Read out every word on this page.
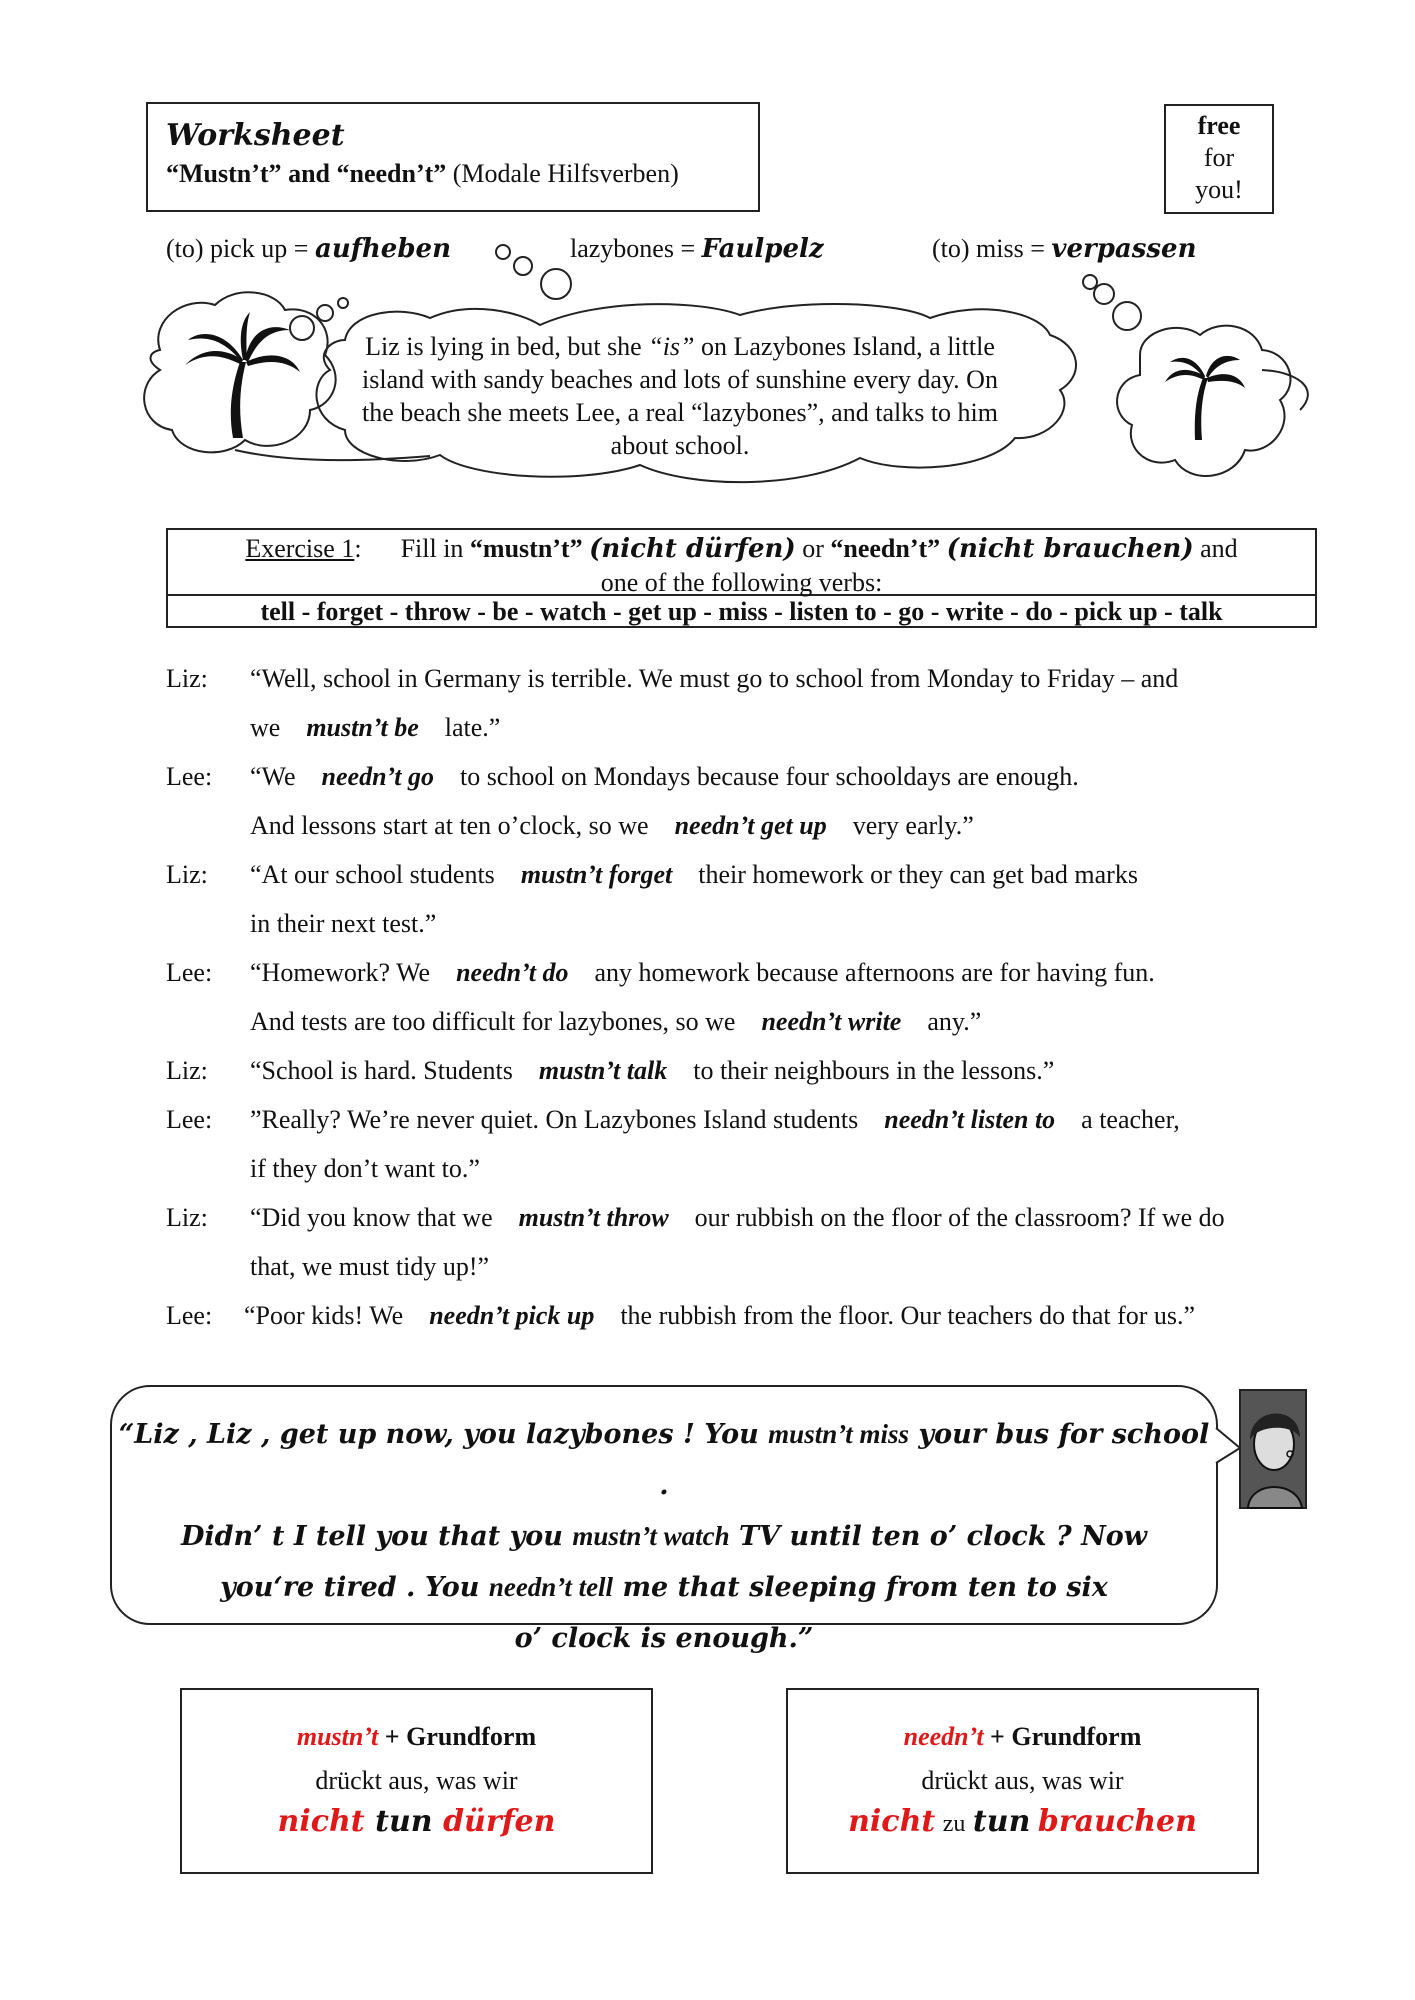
Worksheet
“Mustn’t” and “needn’t” (Modale Hilfsverben)
free
for
you!
(to) pick up = aufheben	lazybones = Faulpelz	(to) miss = verpassen
Liz is lying in bed, but she “is” on Lazybones Island, a little
island with sandy beaches and lots of sunshine every day. On
the beach she meets Lee, a real “lazybones”, and talks to him
about school.
Exercise 1: Fill in “mustn’t” (nicht dürfen) or “needn’t” (nicht brauchen) and
one of the following verbs:
tell - forget - throw - be - watch - get up - miss - listen to - go - write - do - pick up - talk
Liz: “Well, school in Germany is terrible. We must go to school from Monday to Friday – and
we mustn’t be late.”
Lee: “We needn’t go to school on Mondays because four schooldays are enough.
And lessons start at ten o’clock, so we needn’t get up very early.”
Liz: “At our school students mustn’t forget their homework or they can get bad marks
in their next test.”
Lee: “Homework? We needn’t do any homework because afternoons are for having fun.
And tests are too difficult for lazybones, so we needn’t write any.”
Liz: “School is hard. Students mustn’t talk to their neighbours in the lessons.”
Lee: ”Really? We’re never quiet. On Lazybones Island students needn’t listen to a teacher,
if they don’t want to.”
Liz: “Did you know that we mustn’t throw our rubbish on the floor of the classroom? If we do
that, we must tidy up!”
Lee: “Poor kids! We needn’t pick up the rubbish from the floor. Our teachers do that for us.”
“Liz , Liz , get up now, you lazybones ! You mustn’t miss your bus for school .
Didn’ t I tell you that you mustn’t watch TV until ten o’ clock ? Now
you‘re tired . You needn’t tell me that sleeping from ten to six
o’ clock is enough.”
mustn’t + Grundform
drückt aus, was wir
nicht tun dürfen
needn’t + Grundform
drückt aus, was wir
nicht zu tun brauchen
